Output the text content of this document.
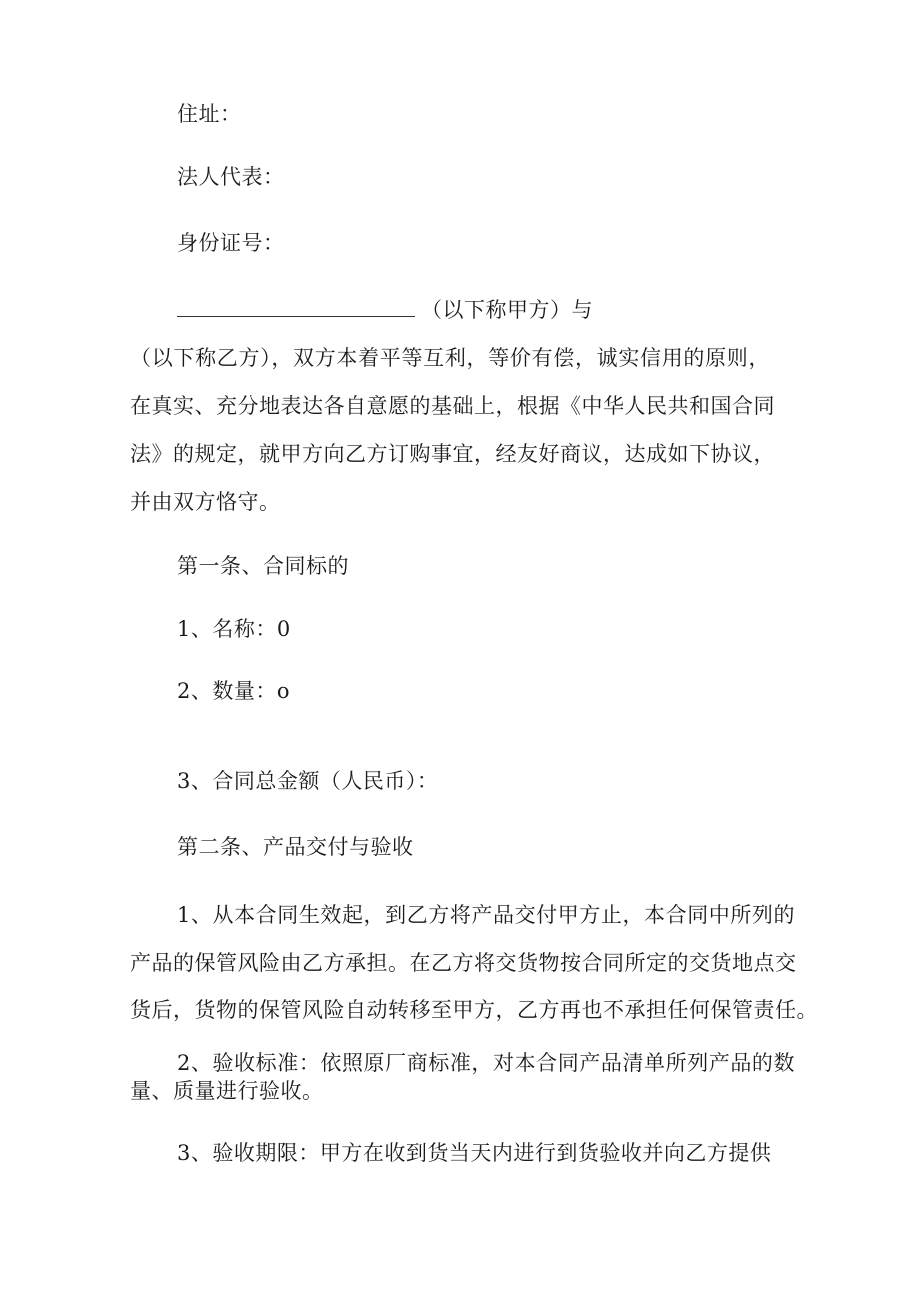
住址：
法人代表：
身份证号：
（以下称甲方）与
（以下称乙方），双方本着平等互利，等价有偿，诚实信用的原则，
在真实、充分地表达各自意愿的基础上，根据《中华人民共和国合同
法》的规定，就甲方向乙方订购事宜，经友好商议，达成如下协议，
并由双方恪守。
第一条、合同标的
1、名称：0
2、数量：o
3、合同总金额（人民币）：
第二条、产品交付与验收
1、从本合同生效起，到乙方将产品交付甲方止，本合同中所列的
产品的保管风险由乙方承担。在乙方将交货物按合同所定的交货地点交
货后，货物的保管风险自动转移至甲方，乙方再也不承担任何保管责任。
2、验收标准：依照原厂商标准，对本合同产品清单所列产品的数
量、质量进行验收。
3、验收期限：甲方在收到货当天内进行到货验收并向乙方提供
